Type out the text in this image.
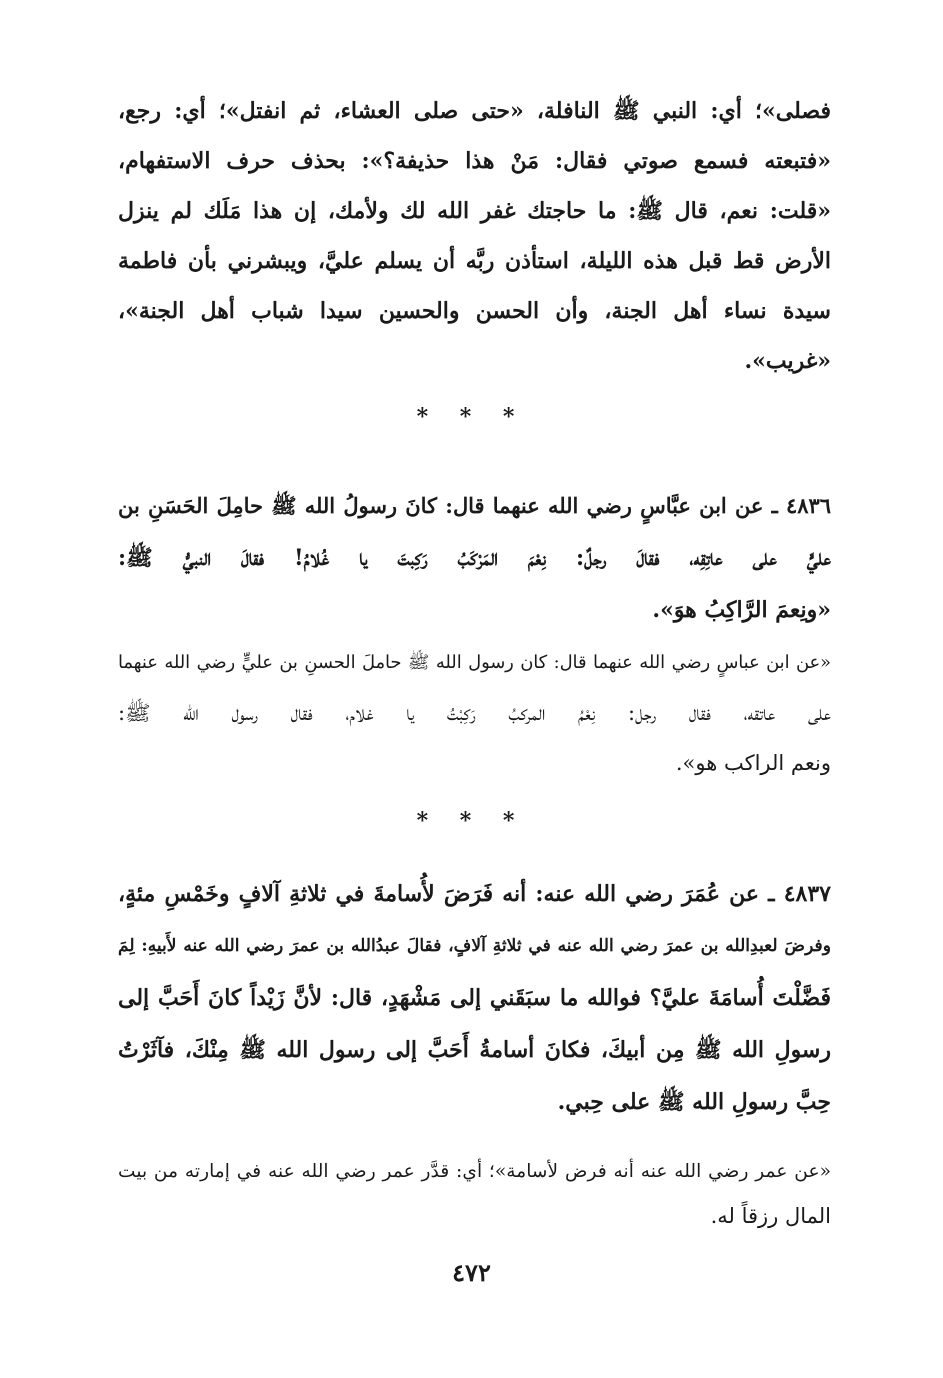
فصلى»؛ أي: النبي ﷺ النافلة، «حتى صلى العشاء، ثم انفتل»؛ أي: رجع،
«فتبعته فسمع صوتي فقال: مَنْ هذا حذيفة؟»: بحذف حرف الاستفهام،
«قلت: نعم، قال ﷺ: ما حاجتك غفر الله لك ولأمك، إن هذا مَلَك لم ينزل
الأرض قط قبل هذه الليلة، استأذن ربَّه أن يسلم عليَّ، ويبشرني بأن فاطمة
سيدة نساء أهل الجنة، وأن الحسن والحسين سيدا شباب أهل الجنة»،
«غريب».
* * *
٤٨٣٦ ـ عن ابن عبَّاسٍ رضي الله عنهما قال: كانَ رسولُ الله ﷺ حامِلَ الحَسَنِ بن
عليٍّ على عاتِقِه، فقالَ رجلٌ: نِعْمَ المَرْكَبُ رَكِبتَ يا غُلامُ! فقالَ النبيُّ ﷺ:
«ونِعمَ الرَّاكِبُ هوَ».
«عن ابن عباسٍ رضي الله عنهما قال: كان رسول الله ﷺ حاملَ الحسنِ بن عليٍّ رضي الله عنهما
على عاتقه، فقال رجل: نِعْمُ المركبُ رَكِبْتُ يا غلام، فقال رسول الله ﷺ:
ونعم الراكب هو».
* * *
٤٨٣٧ ـ عن عُمَرَ رضي الله عنه: أنه فَرَضَ لأُسامةَ في ثلاثةِ آلافٍ وخَمْسِ مئةٍ،
وفرضَ لعبدِالله بن عمرَ رضي الله عنه في ثلاثةِ آلافٍ، فقالَ عبدُالله بن عمرَ رضي الله عنه لأَبيهِ: لِمَ
فَضَّلْتَ أُسامَةَ عليَّ؟ فوالله ما سبَقَني إلى مَشْهَدٍ، قال: لأنَّ زَيْداً كانَ أَحَبَّ إلى
رسولِ الله ﷺ مِن أبيكَ، فكانَ أسامةُ أَحَبَّ إلى رسول الله ﷺ مِنْكَ، فآثَرْتُ
حِبَّ رسولِ الله ﷺ على حِبي.
«عن عمر رضي الله عنه أنه فرض لأسامة»؛ أي: قدَّر عمر رضي الله عنه في إمارته من بيت
المال رزقاً له.
٤٧٢
